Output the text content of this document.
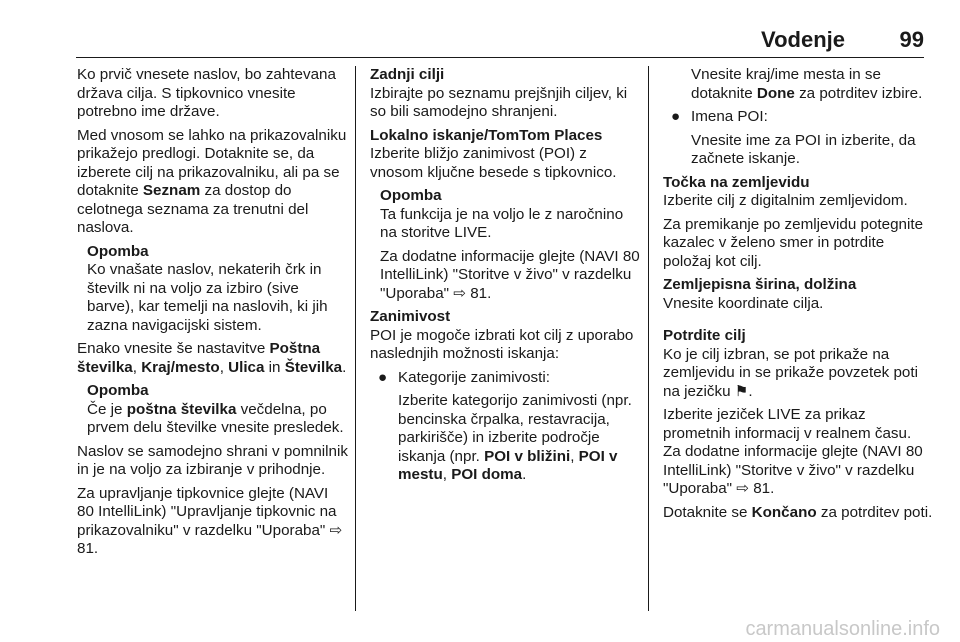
Vodenje 99

Ko prvič vnesete naslov, bo zahtevana država cilja. S tipkovnico vnesite potrebno ime države.

Med vnosom se lahko na prikazovalniku prikažejo predlogi. Dotaknite se, da izberete cilj na prikazovalniku, ali pa se dotaknite Seznam za dostop do celotnega seznama za trenutni del naslova.

Opomba
Ko vnašate naslov, nekaterih črk in številk ni na voljo za izbiro (sive barve), kar temelji na naslovih, ki jih zazna navigacijski sistem.

Enako vnesite še nastavitve Poštna številka, Kraj/mesto, Ulica in Številka.

Opomba
Če je poštna številka večdelna, po prvem delu številke vnesite presledek.

Naslov se samodejno shrani v pomnilnik in je na voljo za izbiranje v prihodnje.

Za upravljanje tipkovnice glejte (NAVI 80 IntelliLink) "Upravljanje tipkovnic na prikazovalniku" v razdelku "Uporaba" ⇨ 81.

Zadnji cilji

Izbirajte po seznamu prejšnjih ciljev, ki so bili samodejno shranjeni.

Lokalno iskanje/TomTom Places

Izberite bližjo zanimivost (POI) z vnosom ključne besede s tipkovnico.

Opomba

Ta funkcija je na voljo le z naročnino na storitve LIVE.

Za dodatne informacije glejte (NAVI 80 IntelliLink) "Storitve v živo" v razdelku "Uporaba" ⇨ 81.

Zanimivost

POI je mogoče izbrati kot cilj z uporabo naslednjih možnosti iskanja:

● Kategorije zanimivosti:
Izberite kategorijo zanimivosti (npr. bencinska črpalka, restavracija, parkirišče) in izberite področje iskanja (npr. POI v bližini, POI v mestu, POI doma.
Vnesite kraj/ime mesta in se dotaknite Done za potrditev izbire.
● Imena POI:
Vnesite ime za POI in izberite, da začnete iskanje.
Točka na zemljevidu

Izberite cilj z digitalnim zemljevidom.

Za premikanje po zemljevidu potegnite kazalec v želeno smer in potrdite položaj kot cilj.

Zemljepisna širina, dolžina

Vnesite koordinate cilja.

Potrdite cilj

Ko je cilj izbran, se pot prikaže na zemljevidu in se prikaže povzetek poti na jezičku ⚑.

Izberite jeziček LIVE za prikaz prometnih informacij v realnem času. Za dodatne informacije glejte (NAVI 80 IntelliLink) "Storitve v živo" v razdelku "Uporaba" ⇨ 81.

Dotaknite se Končano za potrditev poti.

carmanualsonline.info
